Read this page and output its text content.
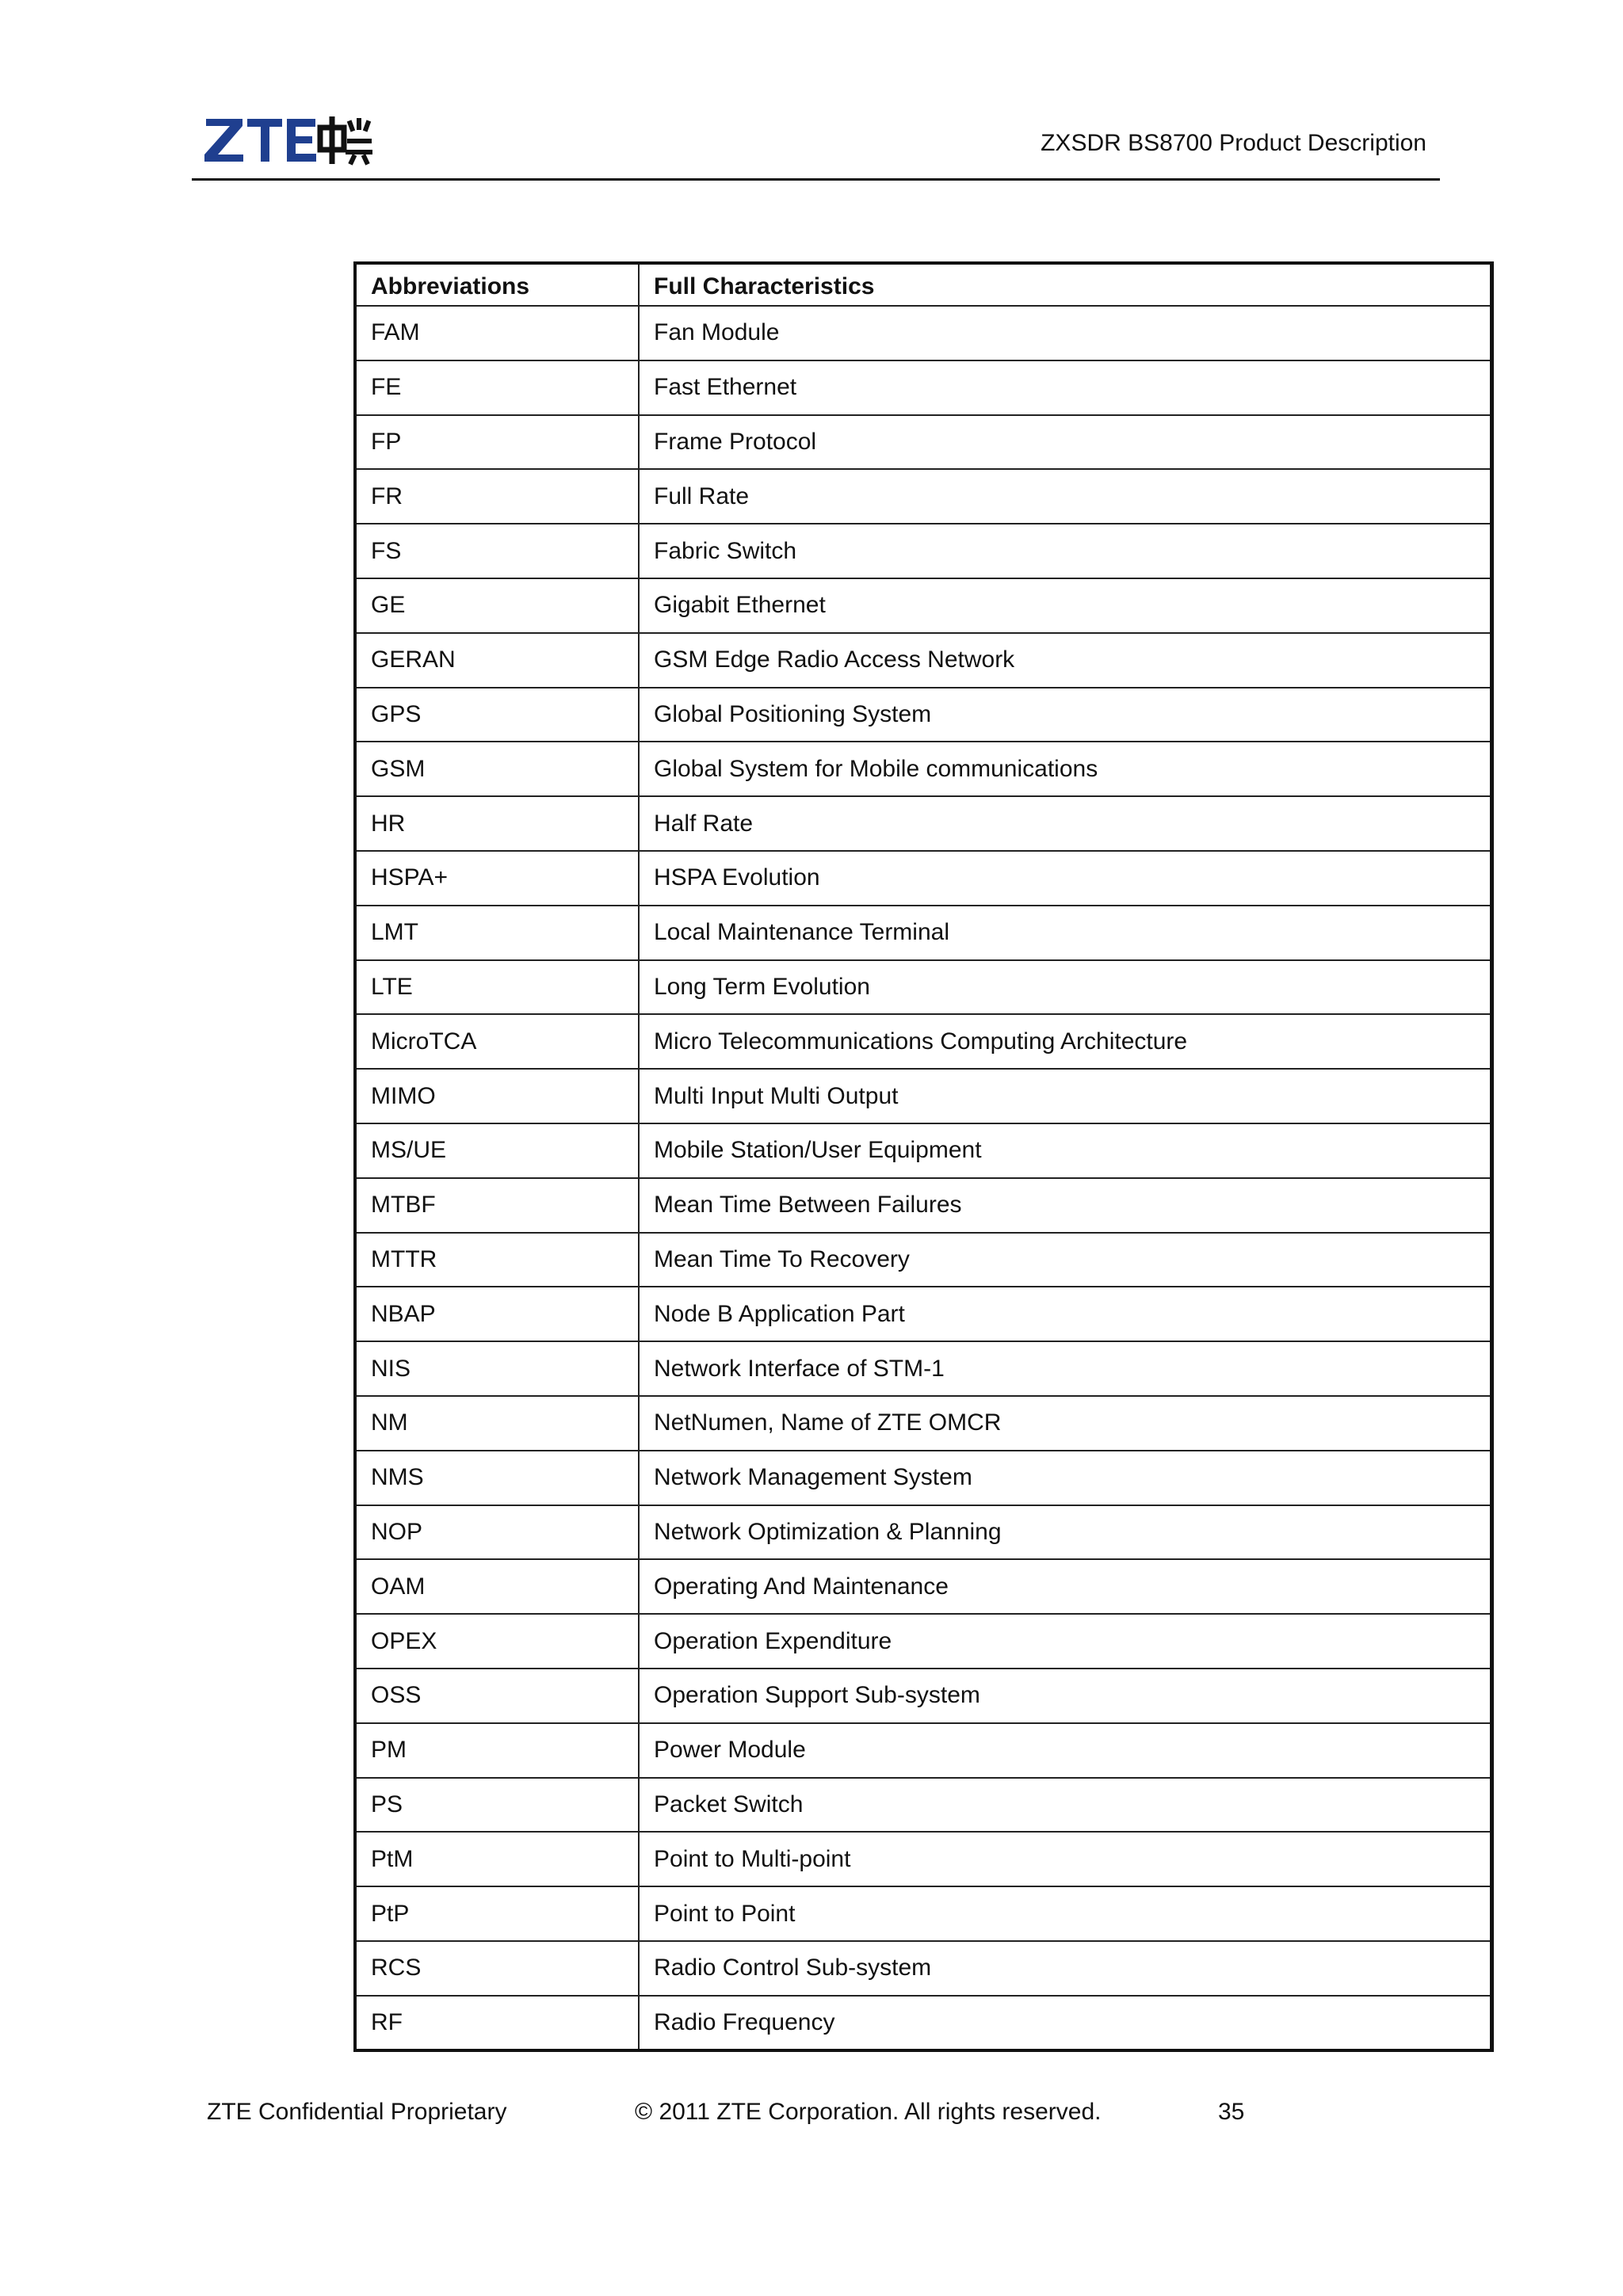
ZTE中兴
ZXSDR BS8700 Product Description
Abbreviations	Full Characteristics
FAM	Fan Module
FE	Fast Ethernet
FP	Frame Protocol
FR	Full Rate
FS	Fabric Switch
GE	Gigabit Ethernet
GERAN	GSM Edge Radio Access Network
GPS	Global Positioning System
GSM	Global System for Mobile communications
HR	Half Rate
HSPA+	HSPA Evolution
LMT	Local Maintenance Terminal
LTE	Long Term Evolution
MicroTCA	Micro Telecommunications Computing Architecture
MIMO	Multi Input Multi Output
MS/UE	Mobile Station/User Equipment
MTBF	Mean Time Between Failures
MTTR	Mean Time To Recovery
NBAP	Node B Application Part
NIS	Network Interface of STM-1
NM	NetNumen, Name of ZTE OMCR
NMS	Network Management System
NOP	Network Optimization & Planning
OAM	Operating And Maintenance
OPEX	Operation Expenditure
OSS	Operation Support Sub-system
PM	Power Module
PS	Packet Switch
PtM	Point to Multi-point
PtP	Point to Point
RCS	Radio Control Sub-system
RF	Radio Frequency
ZTE Confidential Proprietary	© 2011 ZTE Corporation. All rights reserved.	35
